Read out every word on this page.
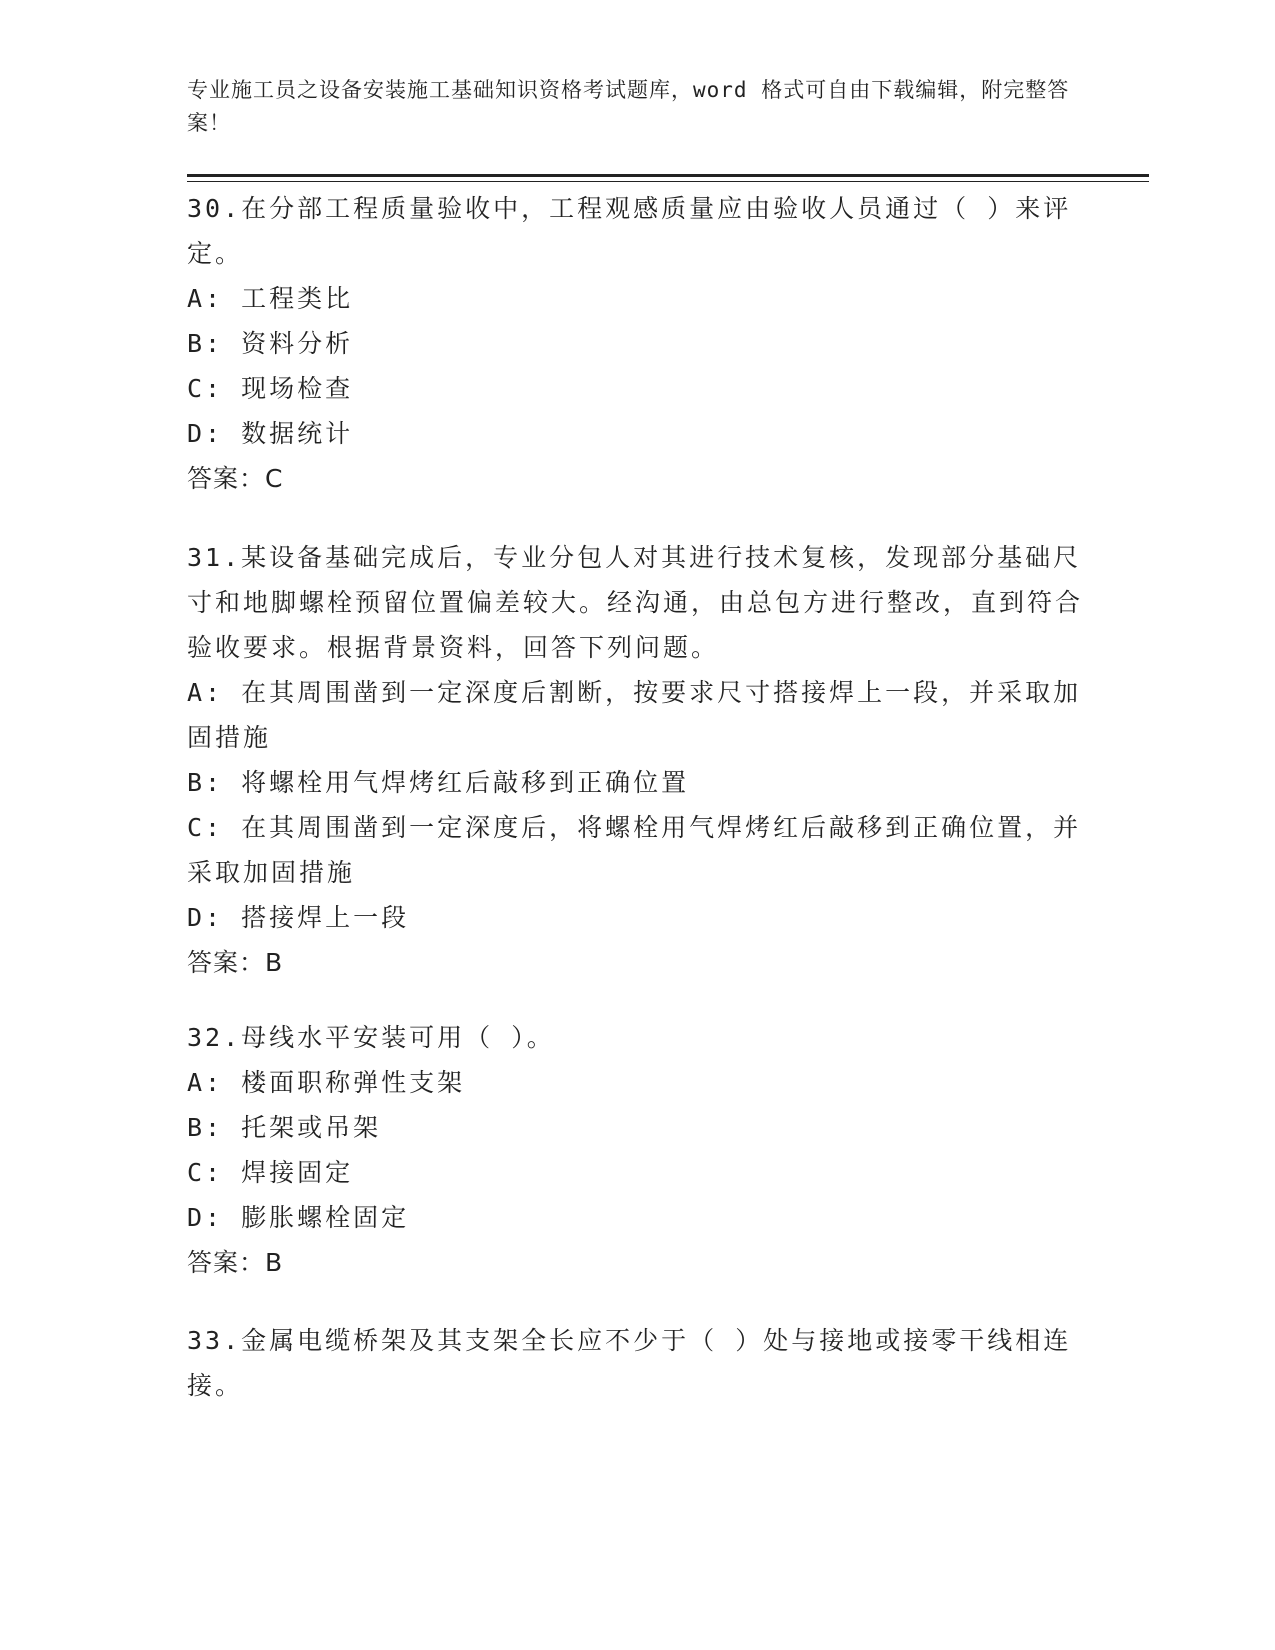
专业施工员之设备安装施工基础知识资格考试题库，word 格式可自由下载编辑，附完整答案！
30.在分部工程质量验收中，工程观感质量应由验收人员通过（ ）来评定。
A: 工程类比
B: 资料分析
C: 现场检查
D: 数据统计
答案：C
31.某设备基础完成后，专业分包人对其进行技术复核，发现部分基础尺寸和地脚螺栓预留位置偏差较大。经沟通，由总包方进行整改，直到符合验收要求。根据背景资料，回答下列问题。
A: 在其周围凿到一定深度后割断，按要求尺寸搭接焊上一段，并采取加固措施
B: 将螺栓用气焊烤红后敲移到正确位置
C: 在其周围凿到一定深度后，将螺栓用气焊烤红后敲移到正确位置，并采取加固措施
D: 搭接焊上一段
答案：B
32.母线水平安装可用（ ）。
A: 楼面职称弹性支架
B: 托架或吊架
C: 焊接固定
D: 膨胀螺栓固定
答案：B
33.金属电缆桥架及其支架全长应不少于（ ）处与接地或接零干线相连接。
